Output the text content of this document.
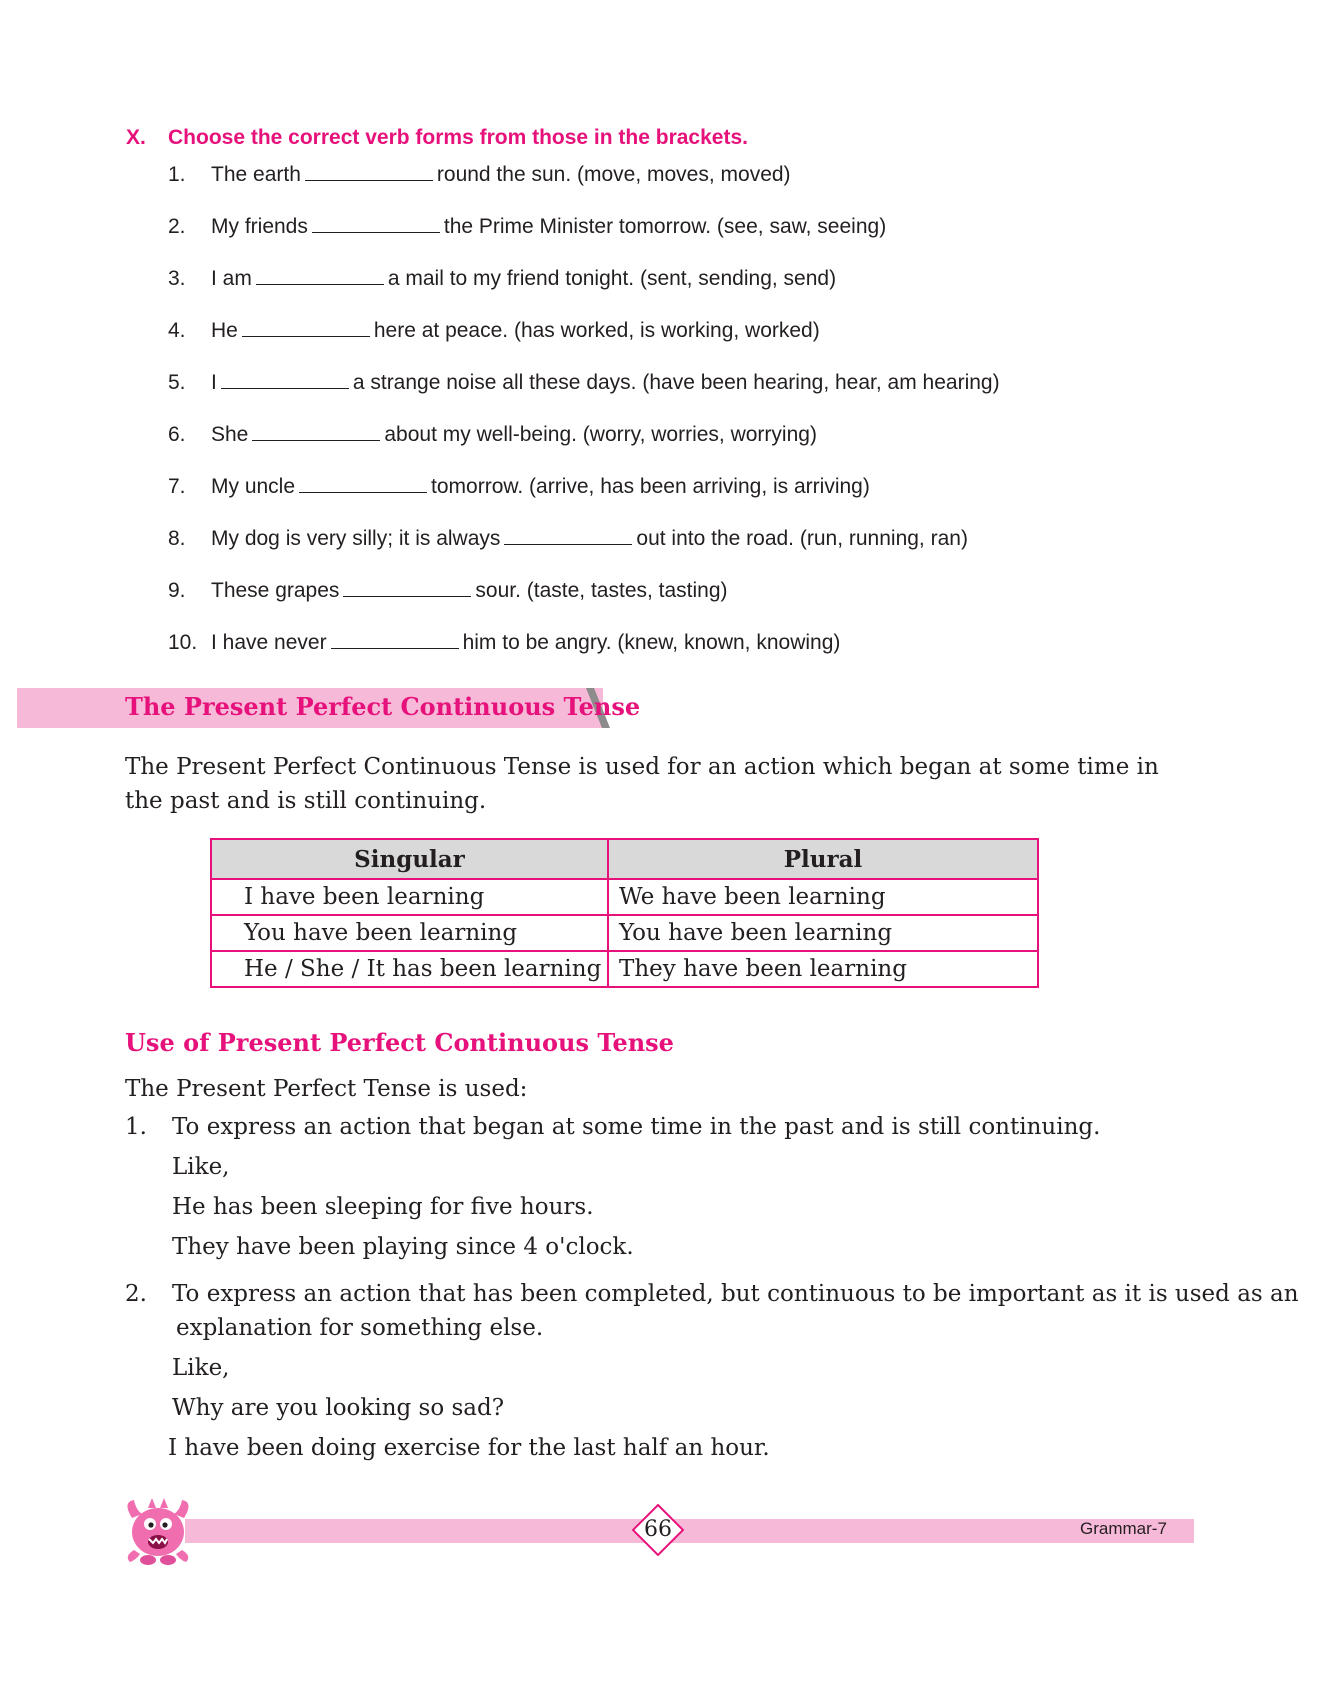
X. Choose the correct verb forms from those in the brackets.
1. The earth	round the sun. (move, moves, moved)
2. My friends	the Prime Minister tomorrow. (see, saw, seeing)
3. I am	a mail to my friend tonight. (sent, sending, send)
4. He	here at peace. (has worked, is working, worked)
5. I	a strange noise all these days. (have been hearing, hear, am hearing)
6. She	about my well-being. (worry, worries, worrying)
7. My uncle	tomorrow. (arrive, has been arriving, is arriving)
8. My dog is very silly; it is always	out into the road. (run, running, ran)
9. These grapes	sour. (taste, tastes, tasting)
10. I have never	him to be angry. (knew, known, knowing)
The Present Perfect Continuous Tense
The Present Perfect Continuous Tense is used for an action which began at some time in the past and is still continuing.
Singular	Plural
I have been learning	We have been learning
You have been learning	You have been learning
He / She / It has been learning	They have been learning
Use of Present Perfect Continuous Tense
The Present Perfect Tense is used:
1. To express an action that began at some time in the past and is still continuing.
Like,
He has been sleeping for five hours.
They have been playing since 4 o'clock.
2. To express an action that has been completed, but continuous to be important as it is used as an
explanation for something else.
Like,
Why are you looking so sad?
I have been doing exercise for the last half an hour.
66	Grammar-7
